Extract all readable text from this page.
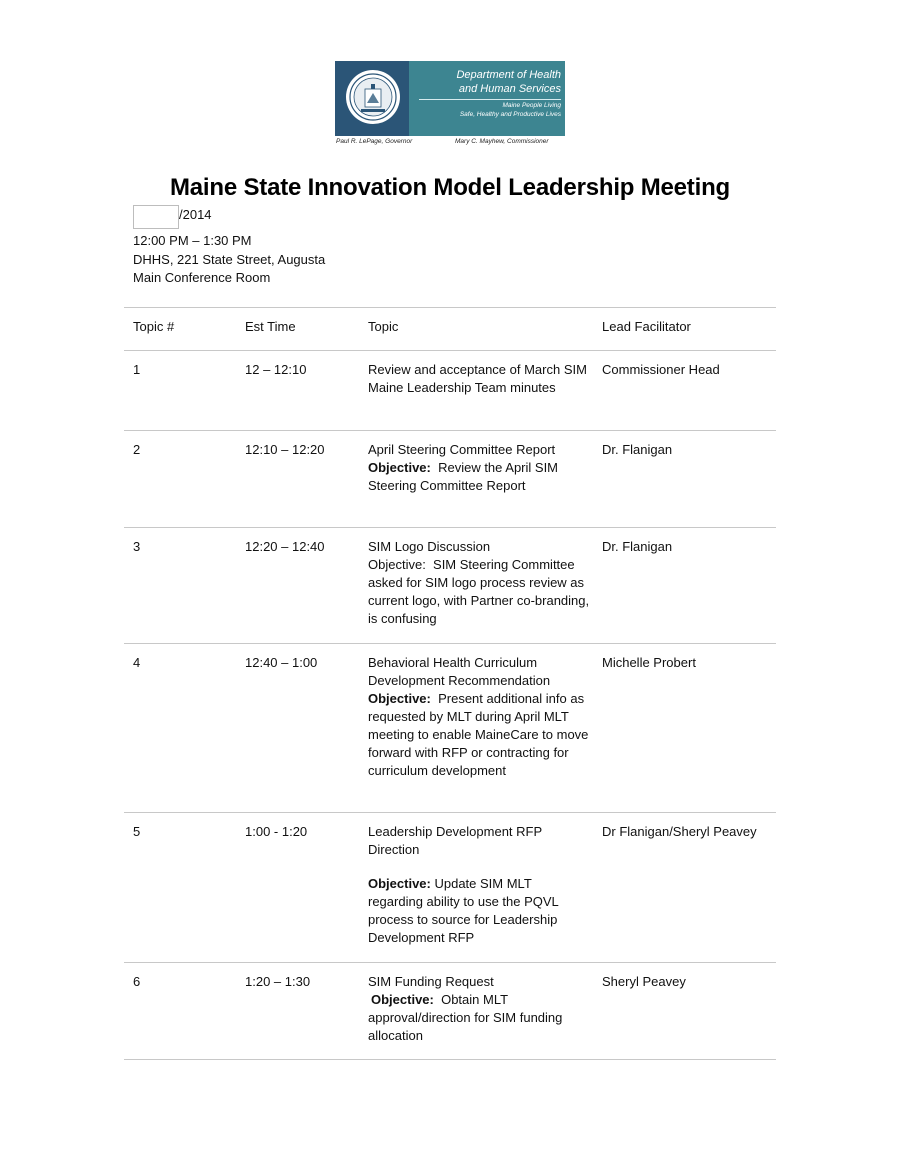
Department of Health
and Human Services
Maine People Living
Safe, Healthy and Productive Lives
Paul R. LePage, Governor	Mary C. Mayhew, Commissioner
Maine State Innovation Model Leadership Meeting
/2014
12:00 PM – 1:30 PM
DHHS, 221 State Street, Augusta
Main Conference Room
Topic #	Est Time	Topic	Lead Facilitator
1	12 – 12:10	Review and acceptance of March SIM Maine Leadership Team minutes
Commissioner Head
2	12:10 – 12:20	April Steering Committee Report
Objective:  Review the April SIM Steering Committee Report
Dr. Flanigan
3	12:20 – 12:40	SIM Logo Discussion
Objective:  SIM Steering Committee asked for SIM logo process review as current logo, with Partner co-branding, is confusing
Dr. Flanigan
4	12:40 – 1:00	Behavioral Health Curriculum Development Recommendation
Objective:  Present additional info as requested by MLT during April MLT meeting to enable MaineCare to move forward with RFP or contracting for curriculum development
Michelle Probert
5	1:00 - 1:20	Leadership Development RFP Direction
Objective: Update SIM MLT regarding ability to use the PQVL process to source for Leadership Development RFP
Dr Flanigan/Sheryl Peavey
6	1:20 – 1:30	SIM Funding Request
Objective:  Obtain MLT approval/direction for SIM funding allocation
Sheryl Peavey
